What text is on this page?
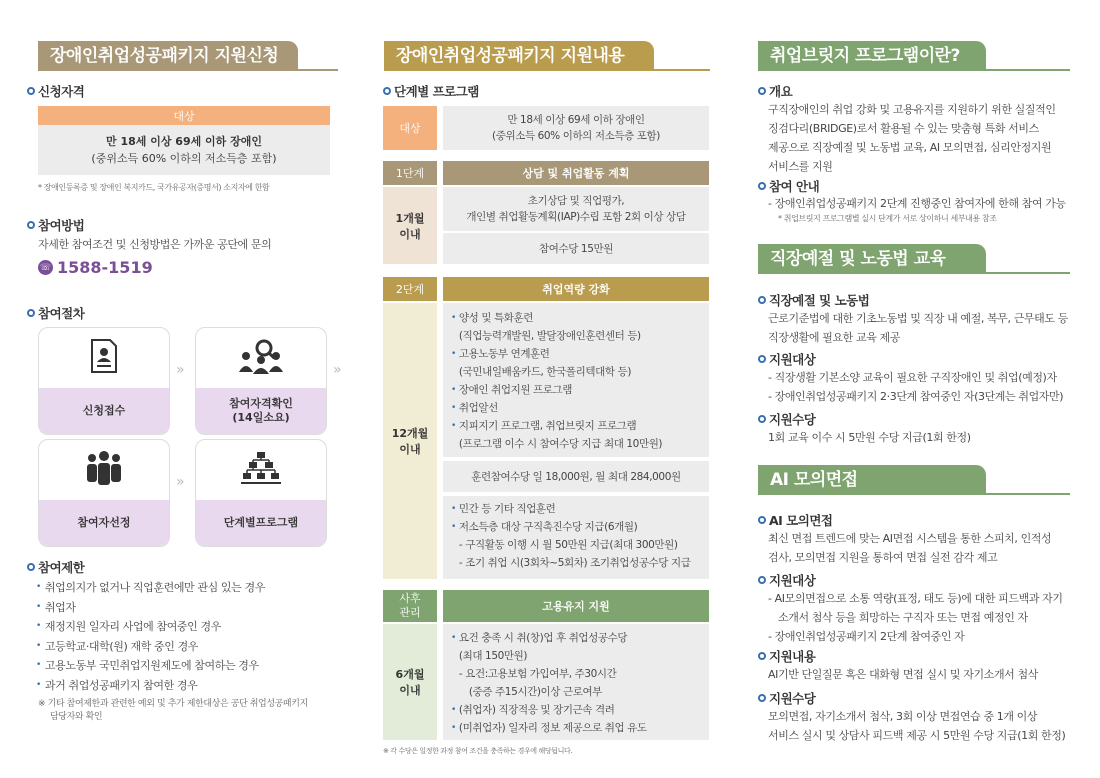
장애인취업성공패키지 지원신청
신청자격
대상
만 18세 이상 69세 이하 장애인
(중위소득 60% 이하의 저소득층 포함)
* 장애인등록증 및 장애인 복지카드, 국가유공자(증명서) 소지자에 한함
참여방법
자세한 참여조건 및 신청방법은 가까운 공단에 문의
☏ 1588-1519
참여절차
신청접수
»
참여자격확인
(14일소요)
»
참여자선정
»
단계별프로그램
참여제한
• 취업의지가 없거나 직업훈련에만 관심 있는 경우
• 취업자
• 재정지원 일자리 사업에 참여중인 경우
• 고등학교·대학(원) 재학 중인 경우
• 고용노동부 국민취업지원제도에 참여하는 경우
• 과거 취업성공패키지 참여한 경우
※ 기타 참여제한과 관련한 예외 및 추가 제한대상은 공단 취업성공패키지
담당자와 확인
장애인취업성공패키지 지원내용
단계별 프로그램
대상
만 18세 이상 69세 이하 장애인
(중위소득 60% 이하의 저소득층 포함)
1단계	상담 및 취업활동 계획
1개월
이내
초기상담 및 직업평가,
개인별 취업활동계획(IAP)수립 포함 2회 이상 상담
참여수당 15만원
2단계	취업역량 강화
12개월
이내
• 양성 및 특화훈련
(직업능력개발원, 발달장애인훈련센터 등)
• 고용노동부 연계훈련
(국민내일배움카드, 한국폴리텍대학 등)
• 장애인 취업지원 프로그램
• 취업알선
• 지피지기 프로그램, 취업브릿지 프로그램
(프로그램 이수 시 참여수당 지급 최대 10만원)
훈련참여수당 일 18,000원, 월 최대 284,000원
• 민간 등 기타 직업훈련
• 저소득층 대상 구직촉진수당 지급(6개월)
- 구직활동 이행 시 월 50만원 지급(최대 300만원)
- 조기 취업 시(3회차~5회차) 조기취업성공수당 지급
사후
관리	고용유지 지원
6개월
이내
• 요건 충족 시 취(창)업 후 취업성공수당
(최대 150만원)
- 요건:고용보험 가입여부, 주30시간
(중증 주15시간)이상 근로여부
• (취업자) 직장적응 및 장기근속 격려
• (미취업자) 일자리 정보 제공으로 취업 유도
※ 각 수당은 일정한 과정 참여 조건을 충족하는 경우에 해당됩니다.
취업브릿지 프로그램이란?
개요
구직장애인의 취업 강화 및 고용유지를 지원하기 위한 실질적인
징검다리(BRIDGE)로서 활용될 수 있는 맞춤형 특화 서비스
제공으로 직장예절 및 노동법 교육, AI 모의면접, 심리안정지원
서비스를 지원
참여 안내
- 장애인취업성공패키지 2단계 진행중인 참여자에 한해 참여 가능
* 취업브릿지 프로그램별 실시 단계가 서로 상이하니 세부내용 참조
직장예절 및 노동법 교육
직장예절 및 노동법
근로기준법에 대한 기초노동법 및 직장 내 예절, 복무, 근무태도 등
직장생활에 필요한 교육 제공
지원대상
- 직장생활 기본소양 교육이 필요한 구직장애인 및 취업(예정)자
- 장애인취업성공패키지 2·3단계 참여중인 자(3단계는 취업자만)
지원수당
1회 교육 이수 시 5만원 수당 지급(1회 한정)
AI 모의면접
AI 모의면접
최신 면접 트렌드에 맞는 AI면접 시스템을 통한 스피치, 인적성
검사, 모의면접 지원을 통하여 면접 실전 감각 제고
지원대상
- AI모의면접으로 소통 역량(표정, 태도 등)에 대한 피드백과 자기
소개서 첨삭 등을 희망하는 구직자 또는 면접 예정인 자
- 장애인취업성공패키지 2단계 참여중인 자
지원내용
AI기반 단일질문 혹은 대화형 면접 실시 및 자기소개서 첨삭
지원수당
모의면접, 자기소개서 첨삭, 3회 이상 면접연습 중 1개 이상
서비스 실시 및 상담사 피드백 제공 시 5만원 수당 지급(1회 한정)
